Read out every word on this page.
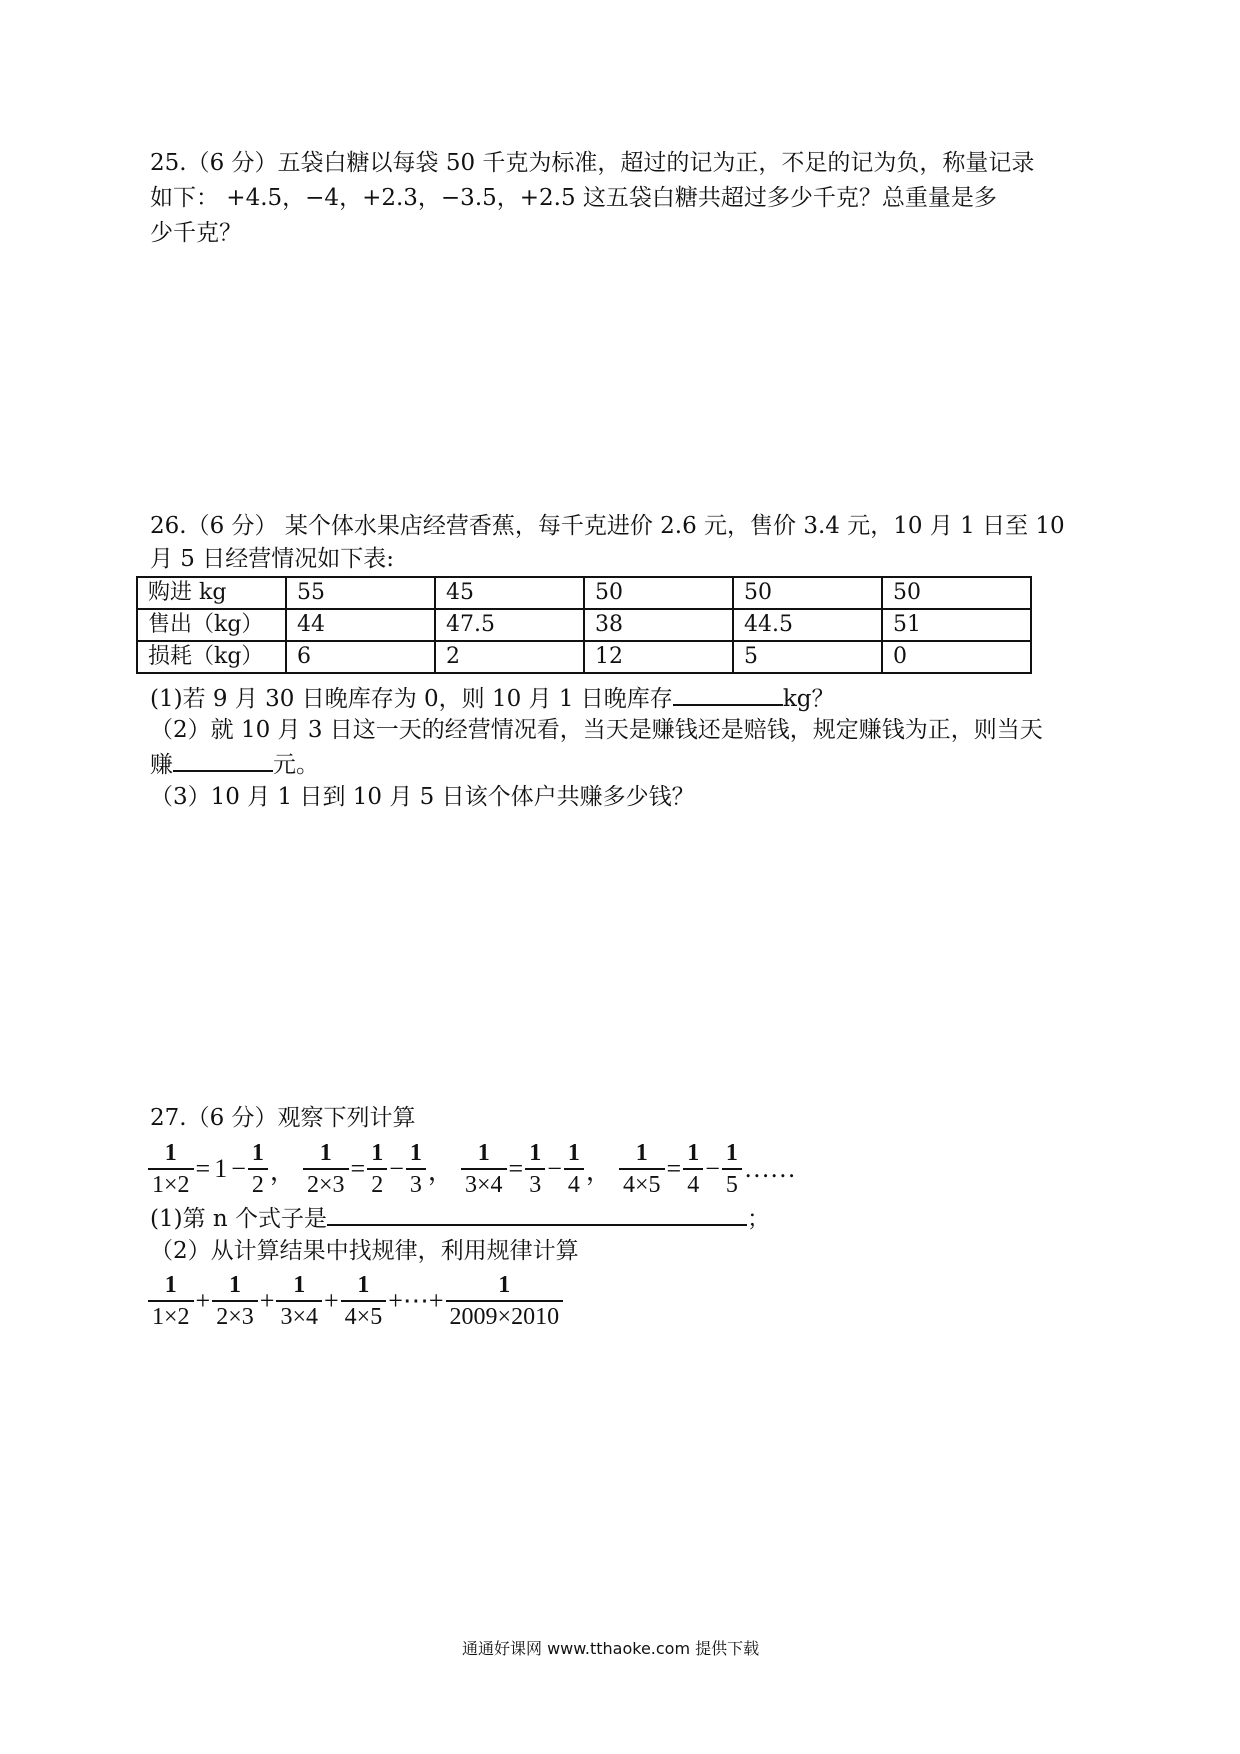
25.（6 分）五袋白糖以每袋 50 千克为标准，超过的记为正，不足的记为负，称量记录
如下： +4.5，−4，+2.3，−3.5，+2.5 这五袋白糖共超过多少千克？总重量是多
少千克？
26.（6 分） 某个体水果店经营香蕉，每千克进价 2.6 元，售价 3.4 元，10 月 1 日至 10
月 5 日经营情况如下表:
购进 kg	55	45	50	50	50
售出（kg）	44	47.5	38	44.5	51
损耗（kg）	6	2	12	5	0
(1)若 9 月 30 日晚库存为 0，则 10 月 1 日晚库存	kg？
（2）就 10 月 3 日这一天的经营情况看，当天是赚钱还是赔钱，规定赚钱为正，则当天
赚	元。
（3）10 月 1 日到 10 月 5 日该个体户共赚多少钱？
27.（6 分）观察下列计算
$\frac{1}{1\times 2} = 1 - \frac{1}{2}$ ， $\frac{1}{2\times 3} = \frac{1}{2} - \frac{1}{3}$ ， $\frac{1}{3\times 4} = \frac{1}{3} - \frac{1}{4}$ ， $\frac{1}{4\times 5} = \frac{1}{4} - \frac{1}{5}$ ……
(1)第 n 个式子是	；
（2）从计算结果中找规律，利用规律计算
$\frac{1}{1\times 2} + \frac{1}{2\times 3} + \frac{1}{3\times 4} + \frac{1}{4\times 5}$ +⋯+ $\frac{1}{2009\times 2010}$
通通好课网 www.tthaoke.com 提供下载
